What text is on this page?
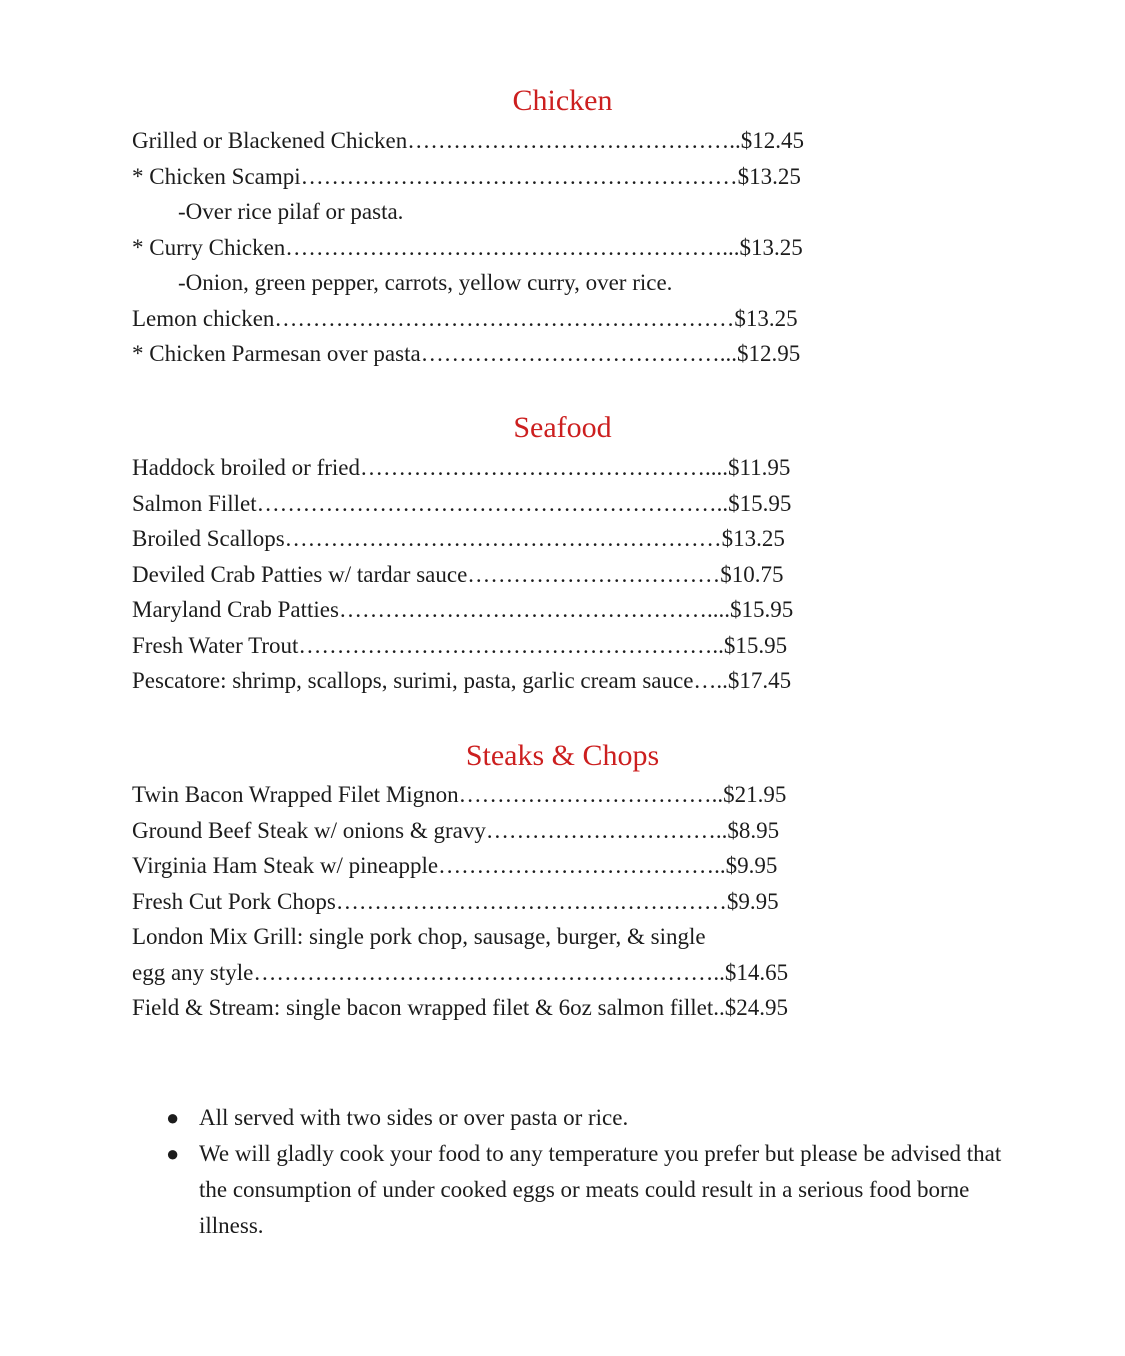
Chicken

Grilled or Blackened Chicken……………………………………..$12.45

* Chicken Scampi…………………………………………………$13.25

-Over rice pilaf or pasta.

* Curry Chicken…………………………………………………...$13.25

-Onion, green pepper, carrots, yellow curry, over rice.

Lemon chicken……………………………………………………$13.25

* Chicken Parmesan over pasta…………………………………...$12.95

Seafood

Haddock broiled or fried………………………………………....$11.95

Salmon Fillet……………………………………………………..$15.95

Broiled Scallops…………………………………………………$13.25

Deviled Crab Patties w/ tardar sauce……………………………$10.75

Maryland Crab Patties…………………………………………....$15.95

Fresh Water Trout………………………………………………..$15.95

Pescatore: shrimp, scallops, surimi, pasta, garlic cream sauce…..$17.45

Steaks & Chops

Twin Bacon Wrapped Filet Mignon……………………………..$21.95

Ground Beef Steak w/ onions & gravy…………………………..$8.95

Virginia Ham Steak w/ pineapple………………………………..$9.95

Fresh Cut Pork Chops……………………………………………$9.95

London Mix Grill: single pork chop, sausage, burger, & single

egg any style……………………………………………………..$14.65

Field & Stream: single bacon wrapped filet & 6oz salmon fillet..$24.95

● All served with two sides or over pasta or rice.
● We will gladly cook your food to any temperature you prefer but please be advised that the consumption of under cooked eggs or meats could result in a serious food borne illness.
